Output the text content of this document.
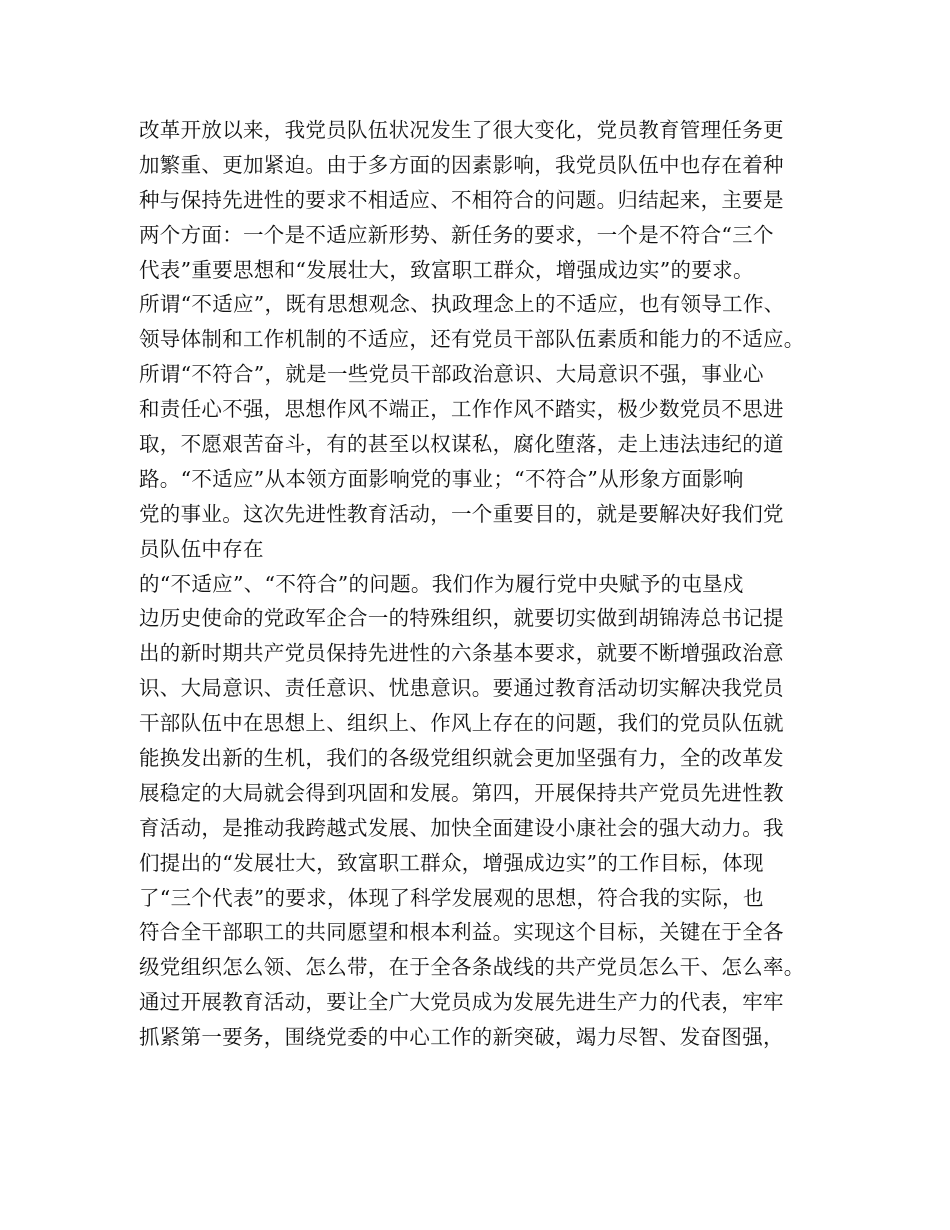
改革开放以来，我党员队伍状况发生了很大变化，党员教育管理任务更
加繁重、更加紧迫。由于多方面的因素影响，我党员队伍中也存在着种
种与保持先进性的要求不相适应、不相符合的问题。归结起来，主要是
两个方面：一个是不适应新形势、新任务的要求，一个是不符合“三个
代表”重要思想和“发展壮大，致富职工群众，增强成边实”的要求。
所谓“不适应”，既有思想观念、执政理念上的不适应，也有领导工作、
领导体制和工作机制的不适应，还有党员干部队伍素质和能力的不适应。
所谓“不符合”，就是一些党员干部政治意识、大局意识不强，事业心
和责任心不强，思想作风不端正，工作作风不踏实，极少数党员不思进
取，不愿艰苦奋斗，有的甚至以权谋私，腐化堕落，走上违法违纪的道
路。“不适应”从本领方面影响党的事业；“不符合”从形象方面影响
党的事业。这次先进性教育活动，一个重要目的，就是要解决好我们党
员队伍中存在
的“不适应”、“不符合”的问题。我们作为履行党中央赋予的屯垦戍
边历史使命的党政军企合一的特殊组织，就要切实做到胡锦涛总书记提
出的新时期共产党员保持先进性的六条基本要求，就要不断增强政治意
识、大局意识、责任意识、忧患意识。要通过教育活动切实解决我党员
干部队伍中在思想上、组织上、作风上存在的问题，我们的党员队伍就
能换发出新的生机，我们的各级党组织就会更加坚强有力，全的改革发
展稳定的大局就会得到巩固和发展。第四，开展保持共产党员先进性教
育活动，是推动我跨越式发展、加快全面建设小康社会的强大动力。我
们提出的“发展壮大，致富职工群众，增强成边实”的工作目标，体现
了“三个代表”的要求，体现了科学发展观的思想，符合我的实际，也
符合全干部职工的共同愿望和根本利益。实现这个目标，关键在于全各
级党组织怎么领、怎么带，在于全各条战线的共产党员怎么干、怎么率。
通过开展教育活动，要让全广大党员成为发展先进生产力的代表，牢牢
抓紧第一要务，围绕党委的中心工作的新突破，竭力尽智、发奋图强，
